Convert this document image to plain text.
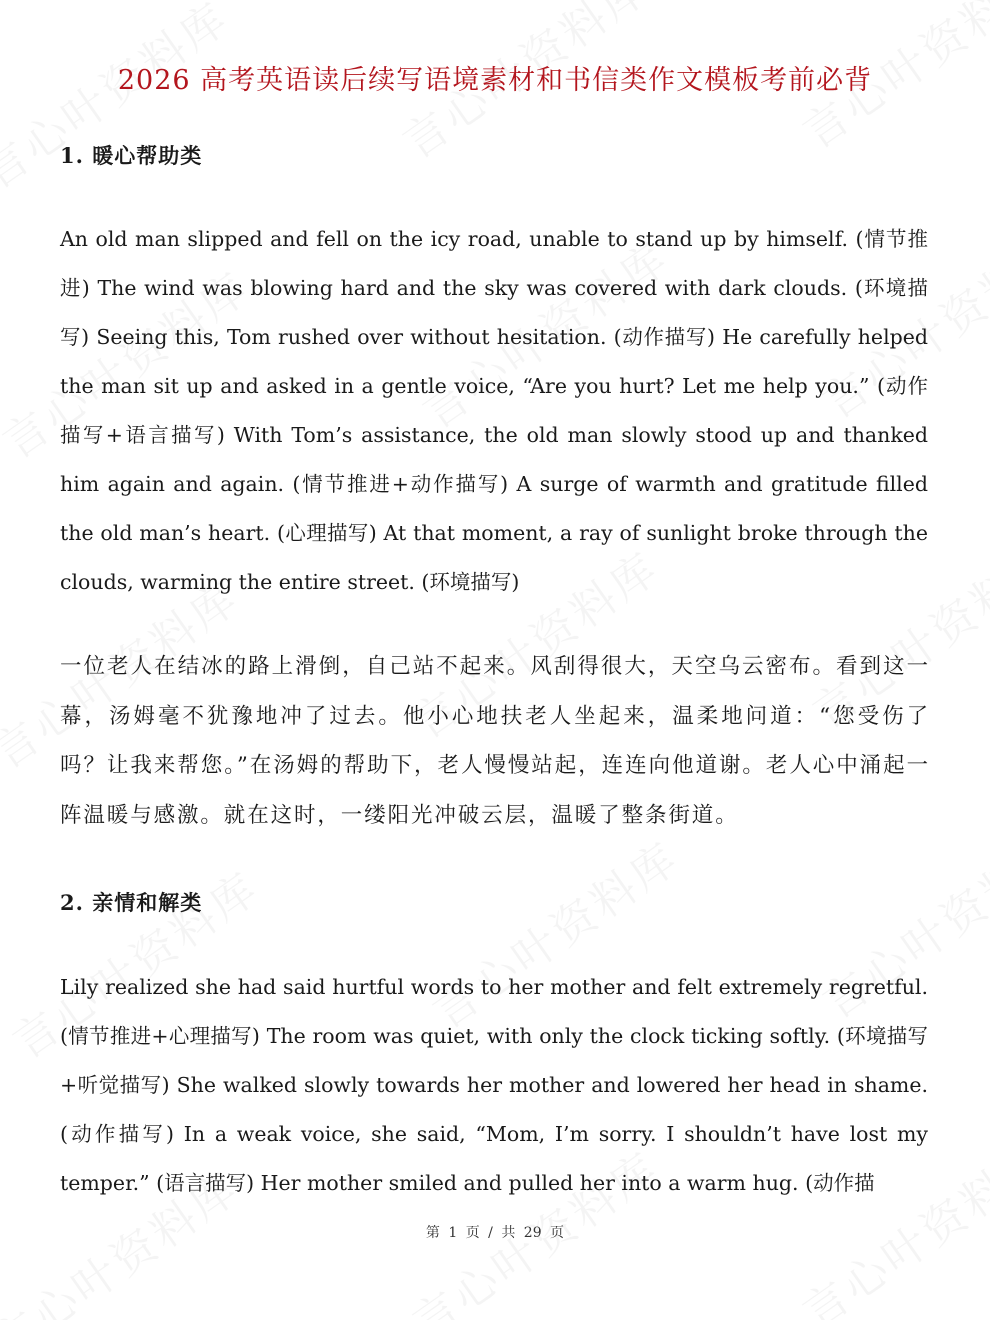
2026 高考英语读后续写语境素材和书信类作文模板考前必背
1. 暖心帮助类

An old man slipped and fell on the icy road, unable to stand up by himself. (情节推进) The wind was blowing hard and the sky was covered with dark clouds. (环境描写) Seeing this, Tom rushed over without hesitation. (动作描写) He carefully helped the man sit up and asked in a gentle voice, “Are you hurt? Let me help you.” (动作描写+语言描写) With Tom’s assistance, the old man slowly stood up and thanked him again and again. (情节推进+动作描写) A surge of warmth and gratitude filled the old man’s heart. (心理描写) At that moment, a ray of sunlight broke through the clouds, warming the entire street. (环境描写)

一位老人在结冰的路上滑倒，自己站不起来。风刮得很大，天空乌云密布。看到这一幕，汤姆毫不犹豫地冲了过去。他小心地扶老人坐起来，温柔地问道：“您受伤了吗？让我来帮您。”在汤姆的帮助下，老人慢慢站起，连连向他道谢。老人心中涌起一阵温暖与感激。就在这时，一缕阳光冲破云层，温暖了整条街道。

2. 亲情和解类

Lily realized she had said hurtful words to her mother and felt extremely regretful. (情节推进+心理描写) The room was quiet, with only the clock ticking softly. (环境描写+听觉描写) She walked slowly towards her mother and lowered her head in shame. (动作描写) In a weak voice, she said, “Mom, I’m sorry. I shouldn’t have lost my temper.” (语言描写) Her mother smiled and pulled her into a warm hug. (动作描

第 1 页 / 共 29 页
